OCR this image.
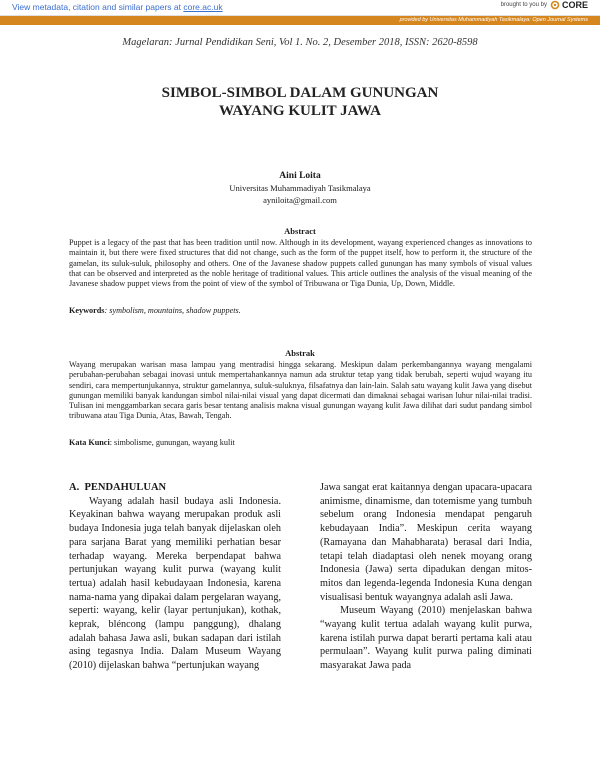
View metadata, citation and similar papers at core.ac.uk	brought to you by CORE
provided by Universitas Muhammadiyah Tasikmalaya: Open Journal Systems
Magelaran: Jurnal Pendidikan Seni, Vol 1. No. 2, Desember 2018, ISSN: 2620-8598
SIMBOL-SIMBOL DALAM GUNUNGAN
WAYANG KULIT JAWA
Aini Loita
Universitas Muhammadiyah Tasikmalaya
ayniloita@gmail.com
Abstract
Puppet is a legacy of the past that has been tradition until now. Although in its development, wayang experienced changes as innovations to maintain it, but there were fixed structures that did not change, such as the form of the puppet itself, how to perform it, the structure of the gamelan, its suluk-suluk, philosophy and others. One of the Javanese shadow puppets called gunungan has many symbols of visual values that can be observed and interpreted as the noble heritage of traditional values. This article outlines the analysis of the visual meaning of the Javanese shadow puppet views from the point of view of the symbol of Tribuwana or Tiga Dunia, Up, Down, Middle.
Keywords: symbolism, mountains, shadow puppets.
Abstrak
Wayang merupakan warisan masa lampau yang mentradisi hingga sekarang. Meskipun dalam perkembangannya wayang mengalami perubahan-perubahan sebagai inovasi untuk mempertahankannya namun ada struktur tetap yang tidak berubah, seperti wujud wayang itu sendiri, cara mempertunjukannya, struktur gamelannya, suluk-suluknya, filsafatnya dan lain-lain. Salah satu wayang kulit Jawa yang disebut gunungan memiliki banyak kandungan simbol nilai-nilai visual yang dapat dicermati dan dimaknai sebagai warisan luhur nilai-nilai tradisi. Tulisan ini menggambarkan secara garis besar tentang analisis makna visual gunungan wayang kulit Jawa dilihat dari sudut pandang simbol tribuwana atau Tiga Dunia, Atas, Bawah, Tengah.
Kata Kunci: simbolisme, gunungan, wayang kulit
A.  PENDAHULUAN

Wayang adalah hasil budaya asli Indonesia. Keyakinan bahwa wayang merupakan produk asli budaya Indonesia juga telah banyak dijelaskan oleh para sarjana Barat yang memiliki perhatian besar terhadap wayang. Mereka berpendapat bahwa pertunjukan wayang kulit purwa (wayang kulit tertua) adalah hasil kebudayaan Indonesia, karena nama-nama yang dipakai dalam pergelaran wayang, seperti: wayang, kelir (layar pertunjukan), kothak, keprak, bléncong (lampu panggung), dhalang adalah bahasa Jawa asli, bukan sadapan dari istilah asing tegasnya India. Dalam Museum Wayang (2010) dijelaskan bahwa “pertunjukan wayang

Jawa sangat erat kaitannya dengan upacara-upacara animisme, dinamisme, dan totemisme yang tumbuh sebelum orang Indonesia mendapat pengaruh kebudayaan India”. Meskipun cerita wayang (Ramayana dan Mahabharata) berasal dari India, tetapi telah diadaptasi oleh nenek moyang orang Indonesia (Jawa) serta dipadukan dengan mitos-mitos dan legenda-legenda Indonesia Kuna dengan visualisasi bentuk wayangnya adalah asli Jawa.

Museum Wayang (2010) menjelaskan bahwa “wayang kulit tertua adalah wayang kulit purwa, karena istilah purwa dapat berarti pertama kali atau permulaan”. Wayang kulit purwa paling diminati masyarakat Jawa pada
